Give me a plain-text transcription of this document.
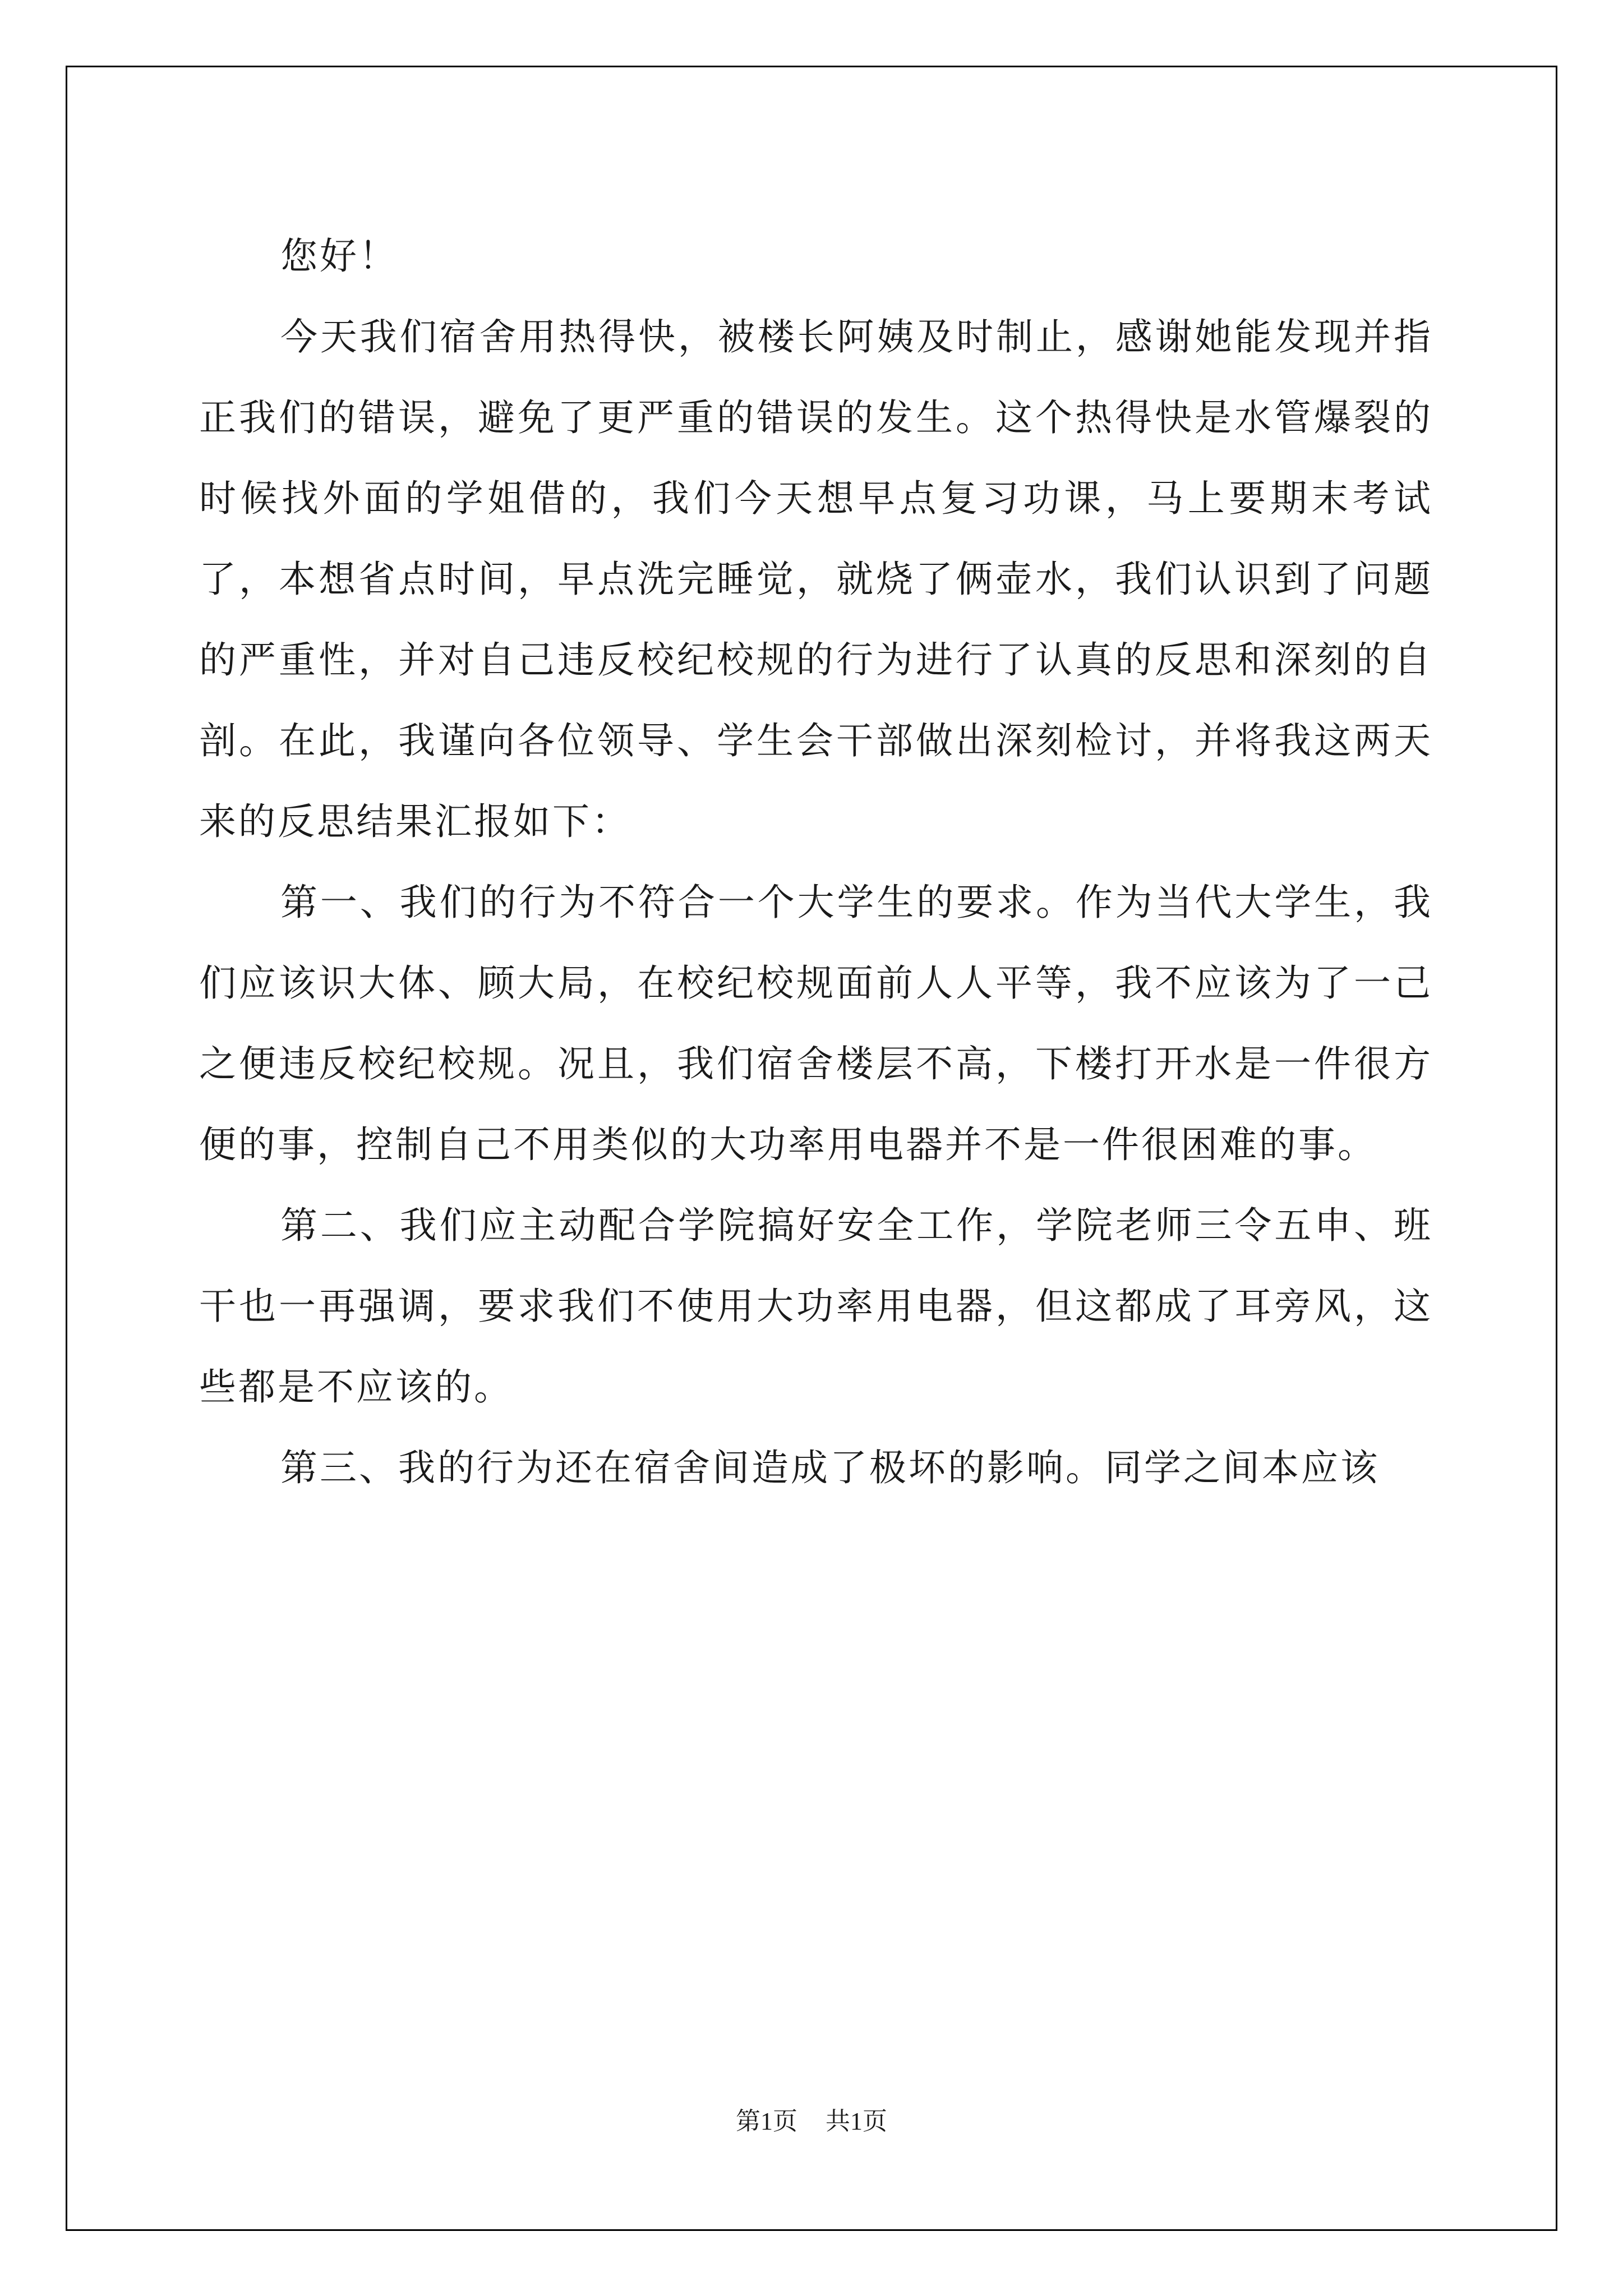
您好！

今天我们宿舍用热得快，被楼长阿姨及时制止，感谢她能发现并指正我们的错误，避免了更严重的错误的发生。这个热得快是水管爆裂的时候找外面的学姐借的，我们今天想早点复习功课，马上要期末考试了，本想省点时间，早点洗完睡觉，就烧了俩壶水，我们认识到了问题的严重性，并对自己违反校纪校规的行为进行了认真的反思和深刻的自剖。在此，我谨向各位领导、学生会干部做出深刻检讨，并将我这两天来的反思结果汇报如下：

第一、我们的行为不符合一个大学生的要求。作为当代大学生，我们应该识大体、顾大局，在校纪校规面前人人平等，我不应该为了一己之便违反校纪校规。况且，我们宿舍楼层不高，下楼打开水是一件很方便的事，控制自己不用类似的大功率用电器并不是一件很困难的事。

第二、我们应主动配合学院搞好安全工作，学院老师三令五申、班干也一再强调，要求我们不使用大功率用电器，但这都成了耳旁风，这些都是不应该的。

第三、我的行为还在宿舍间造成了极坏的影响。同学之间本应该

第1页 共1页
